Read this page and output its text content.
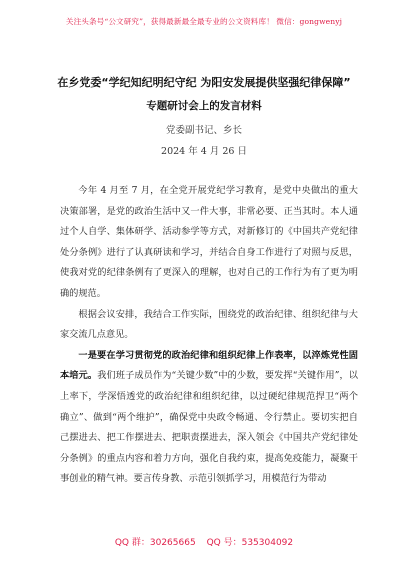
关注头条号“公文研究”，获得最新最全最专业的公文资料库！ 微信：gongwenyj
在乡党委“学纪知纪明纪守纪 为阳安发展提供坚强纪律保障”
专题研讨会上的发言材料
党委副书记、乡长
2024 年 4 月 26 日

今年 4 月至 7 月，在全党开展党纪学习教育，是党中央做出的重大决策部署，是党的政治生活中又一件大事，非常必要、正当其时。本人通过个人自学、集体研学、活动参学等方式，对新修订的《中国共产党纪律处分条例》进行了认真研读和学习，并结合自身工作进行了对照与反思，使我对党的纪律条例有了更深入的理解，也对自己的工作行为有了更为明确的规范。

根据会议安排，我结合工作实际，围绕党的政治纪律、组织纪律与大家交流几点意见。

一是要在学习贯彻党的政治纪律和组织纪律上作表率，以淬炼党性固本培元。我们班子成员作为“关键少数”中的少数，要发挥“关键作用”，以上率下，学深悟透党的政治纪律和组织纪律，以过硬纪律规范捍卫“两个确立”、做到“两个维护”，确保党中央政令畅通、令行禁止。要切实把自己摆进去、把工作摆进去、把职责摆进去，深入领会《中国共产党纪律处分条例》的重点内容和着力方向，强化自我约束，提高免疫能力，凝聚干事创业的精气神。要言传身教、示范引领抓学习，用模范行为带动

QQ 群：30265665 QQ 号：535304092
